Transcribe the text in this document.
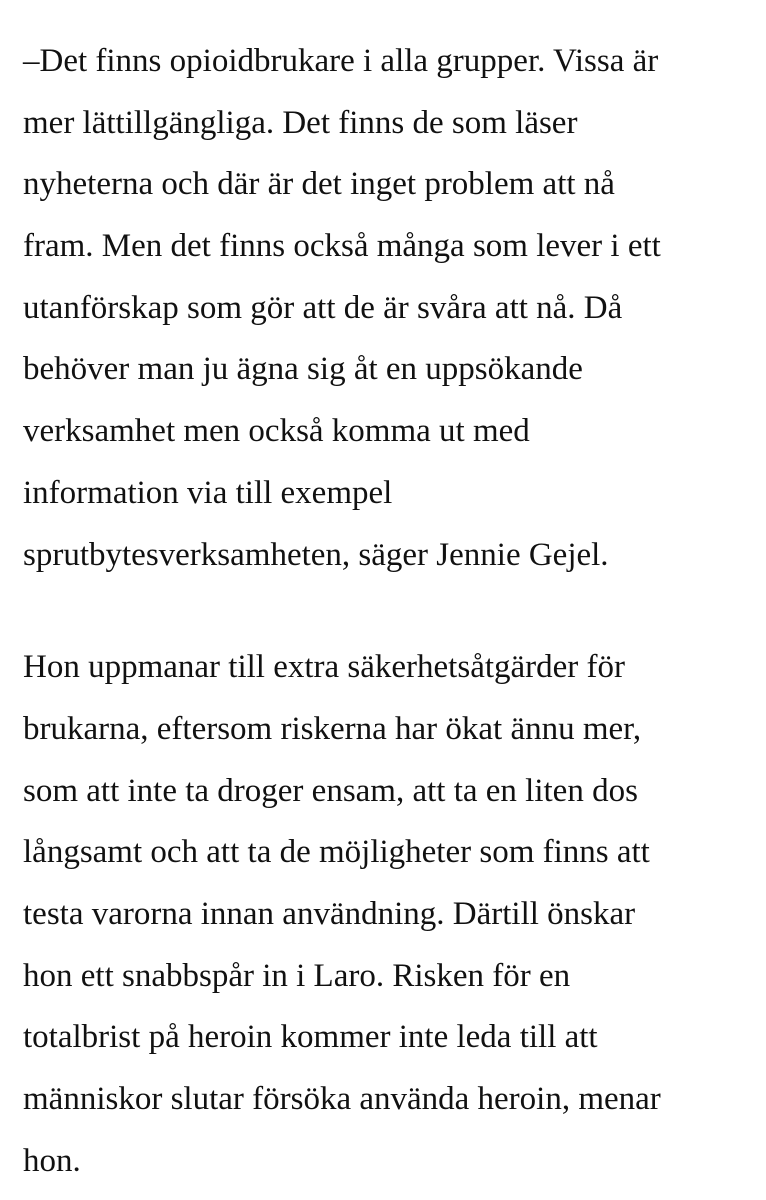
–Det finns opioidbrukare i alla grupper. Vissa är
mer lättillgängliga. Det finns de som läser
nyheterna och där är det inget problem att nå
fram. Men det finns också många som lever i ett
utanförskap som gör att de är svåra att nå. Då
behöver man ju ägna sig åt en uppsökande
verksamhet men också komma ut med
information via till exempel
sprutbytesverksamheten, säger Jennie Gejel.

Hon uppmanar till extra säkerhetsåtgärder för
brukarna, eftersom riskerna har ökat ännu mer,
som att inte ta droger ensam, att ta en liten dos
långsamt och att ta de möjligheter som finns att
testa varorna innan användning. Därtill önskar
hon ett snabbspår in i Laro. Risken för en
totalbrist på heroin kommer inte leda till att
människor slutar försöka använda heroin, menar
hon.
